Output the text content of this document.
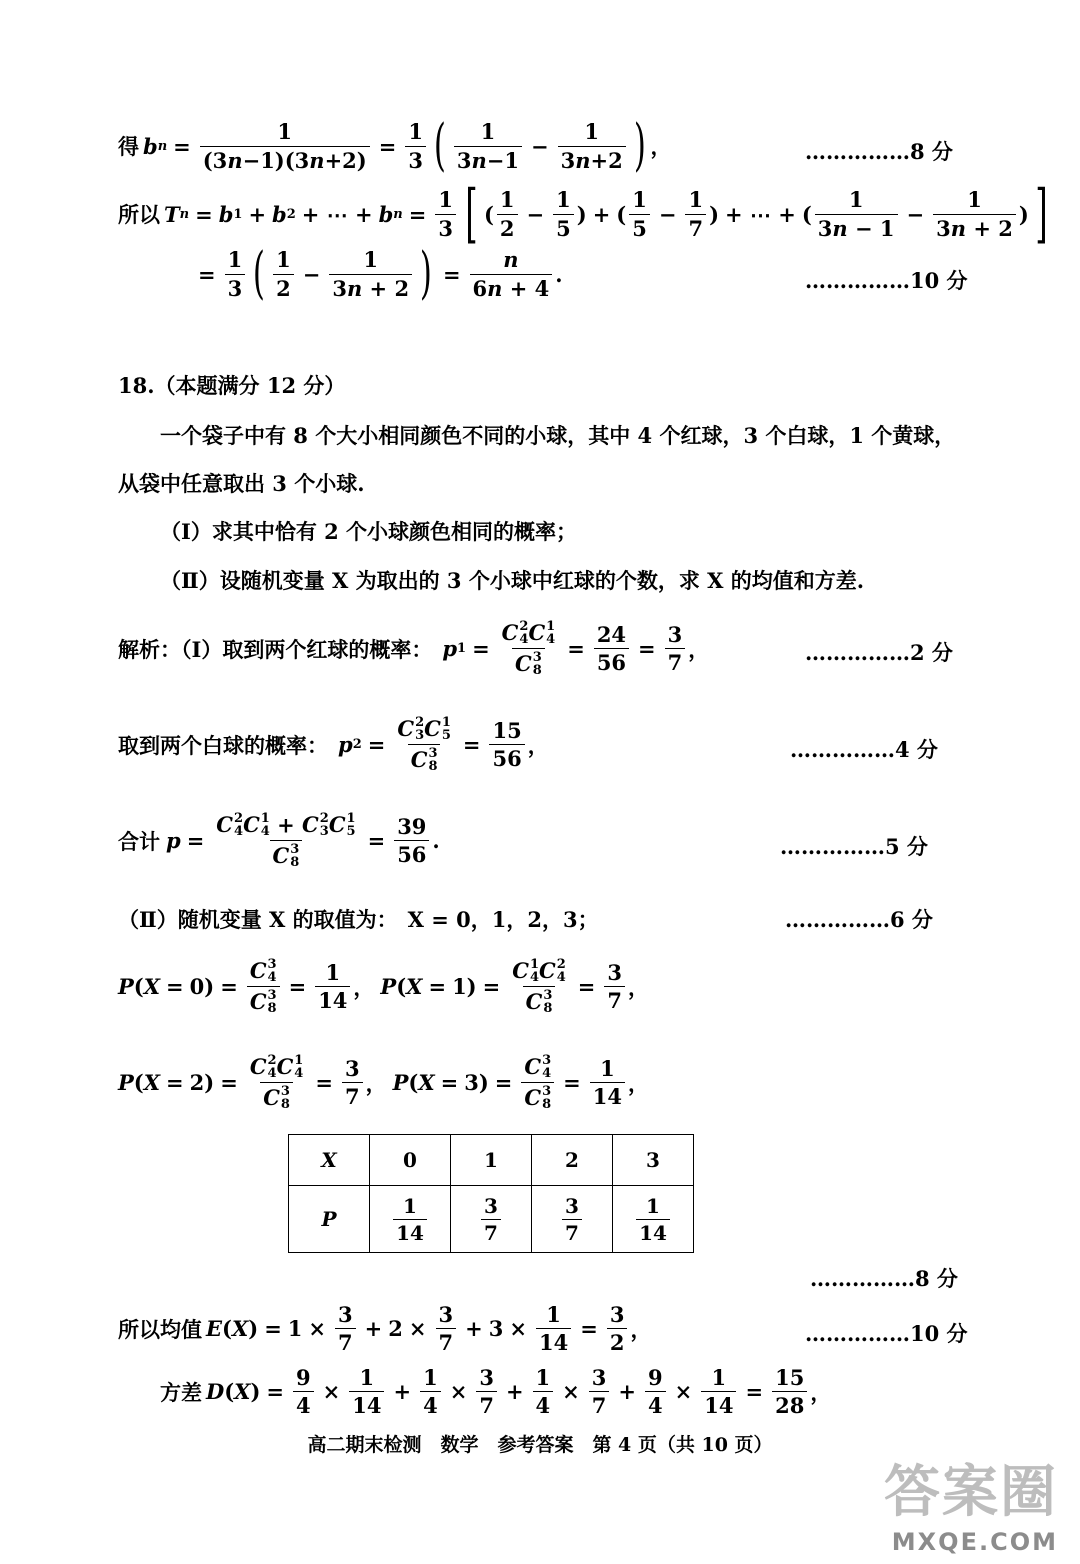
得 b $n = \frac{1}{(3n-1)(3n+2)} = \frac{1}{3}$ ( $\frac{1}{3n-1} - \frac{1}{3n+2}$ ) ，	……………8 分
所以 T n = b 1 + b 2 + ⋯ + b $n = \frac{1}{3}$ [ ( $\frac{1}{2} - \frac{1}{5}$ ) + ( $\frac{1}{5} - \frac{1}{7}$ ) + ⋯ + ( $\frac{1}{3n - 1} - \frac{1}{3n + 2}$ ) ]
= $\frac{1}{3}$ ( $\frac{1}{2} - \frac{1}{3n + 2}$ ) = $\frac{n}{6n + 4}$ .	……………10 分
18.（本题满分 12 分）
一个袋子中有 8 个大小相同颜色不同的小球，其中 4 个红球，3 个白球，1 个黄球，
从袋中任意取出 3 个小球.
（Ⅰ）求其中恰有 2 个小球颜色相同的概率；
（Ⅱ）设随机变量 X 为取出的 3 个小球中红球的个数，求 X 的均值和方差.
解析：（Ⅰ）取到两个红球的概率： p 1 = C 2
4 C 1
4
C 3
$8 = \frac{24}{56} = \frac{3}{7}$ ，	……………2 分
取到两个白球的概率： p 2 = C 2
3 C 1
5
C 3
$8 = \frac{15}{56}$ ，	……………4 分
合计 p = C 2
4 C 1
4 + C 2
3 C 1
5
C 3
$8 = \frac{39}{56}$ .	……………5 分
（Ⅱ）随机变量 X 的取值为： X = 0，1，2，3；	……………6 分
P ( X = 0) = C 3
4
C 3
$8 = \frac{1}{14}$ ， P ( X = 1) = C 1
4 C 2
4
C 3
$8 = \frac{3}{7}$ ，
P ( X = 2) = C 2
4 C 1
4
C 3
$8 = \frac{3}{7}$ ， P ( X = 3) = C 3
4
C 3
$8 = \frac{1}{14}$ ，
X	0	1	2	3
P	$\frac{1}{14}$	$\frac{3}{7}$	$\frac{3}{7}$	$\frac{1}{14}$
……………8 分
所以均值 E ( X ) = $1 \times \frac{3}{7} + 2 \times \frac{3}{7} + 3 \times \frac{1}{14} = \frac{3}{2}$ ，	……………10 分
方差 D ( X ) = $\frac{9}{4} \times \frac{1}{14} + \frac{1}{4} \times \frac{3}{7} + \frac{1}{4} \times \frac{3}{7} + \frac{9}{4} \times \frac{1}{14} = \frac{15}{28}$ ，
高二期末检测　数学　参考答案　第 4 页（共 10 页）
答案圈
MXQE.COM
